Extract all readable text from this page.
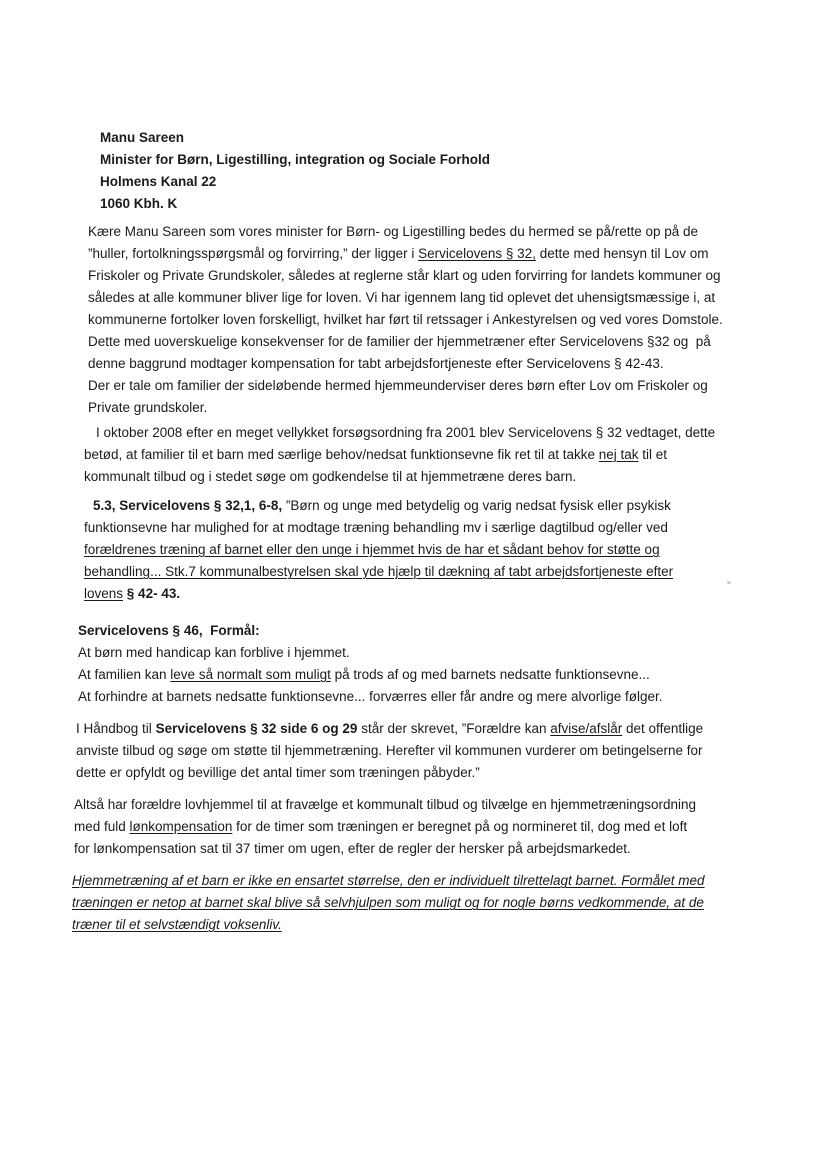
Manu Sareen
Minister for Børn, Ligestilling, integration og Sociale Forhold
Holmens Kanal 22
1060 Kbh. K
Kære Manu Sareen som vores minister for Børn- og Ligestilling bedes du hermed se på/rette op på de
”huller, fortolkningsspørgsmål og forvirring,” der ligger i Servicelovens § 32, dette med hensyn til Lov om
Friskoler og Private Grundskoler, således at reglerne står klart og uden forvirring for landets kommuner og
således at alle kommuner bliver lige for loven. Vi har igennem lang tid oplevet det uhensigtsmæssige i, at
kommunerne fortolker loven forskelligt, hvilket har ført til retssager i Ankestyrelsen og ved vores Domstole.
Dette med uoverskuelige konsekvenser for de familier der hjemmetræner efter Servicelovens §32 og  på
denne baggrund modtager kompensation for tabt arbejdsfortjeneste efter Servicelovens § 42-43.
Der er tale om familier der sideløbende hermed hjemmeunderviser deres børn efter Lov om Friskoler og
Private grundskoler.
I oktober 2008 efter en meget vellykket forsøgsordning fra 2001 blev Servicelovens § 32 vedtaget, dette
betød, at familier til et barn med særlige behov/nedsat funktionsevne fik ret til at takke nej tak til et
kommunalt tilbud og i stedet søge om godkendelse til at hjemmetræne deres barn.
5.3, Servicelovens § 32,1, 6-8, ”Børn og unge med betydelig og varig nedsat fysisk eller psykisk
funktionsevne har mulighed for at modtage træning behandling mv i særlige dagtilbud og/eller ved
forældrenes træning af barnet eller den unge i hjemmet hvis de har et sådant behov for støtte og
behandling... Stk.7 kommunalbestyrelsen skal yde hjælp til dækning af tabt arbejdsfortjeneste efter
lovens § 42- 43.
Servicelovens § 46,  Formål:
At børn med handicap kan forblive i hjemmet.
At familien kan leve så normalt som muligt på trods af og med barnets nedsatte funktionsevne...
At forhindre at barnets nedsatte funktionsevne... forværres eller får andre og mere alvorlige følger.
I Håndbog til Servicelovens § 32 side 6 og 29 står der skrevet, ”Forældre kan afvise/afslår det offentlige
anviste tilbud og søge om støtte til hjemmetræning. Herefter vil kommunen vurderer om betingelserne for
dette er opfyldt og bevillige det antal timer som træningen påbyder.”
Altså har forældre lovhjemmel til at fravælge et kommunalt tilbud og tilvælge en hjemmetræningsordning
med fuld lønkompensation for de timer som træningen er beregnet på og normineret til, dog med et loft
for lønkompensation sat til 37 timer om ugen, efter de regler der hersker på arbejdsmarkedet.
Hjemmetræning af et barn er ikke en ensartet størrelse, den er individuelt tilrettelagt barnet. Formålet med
træningen er netop at barnet skal blive så selvhjulpen som muligt og for nogle børns vedkommende, at de
træner til et selvstændigt voksenliv.
